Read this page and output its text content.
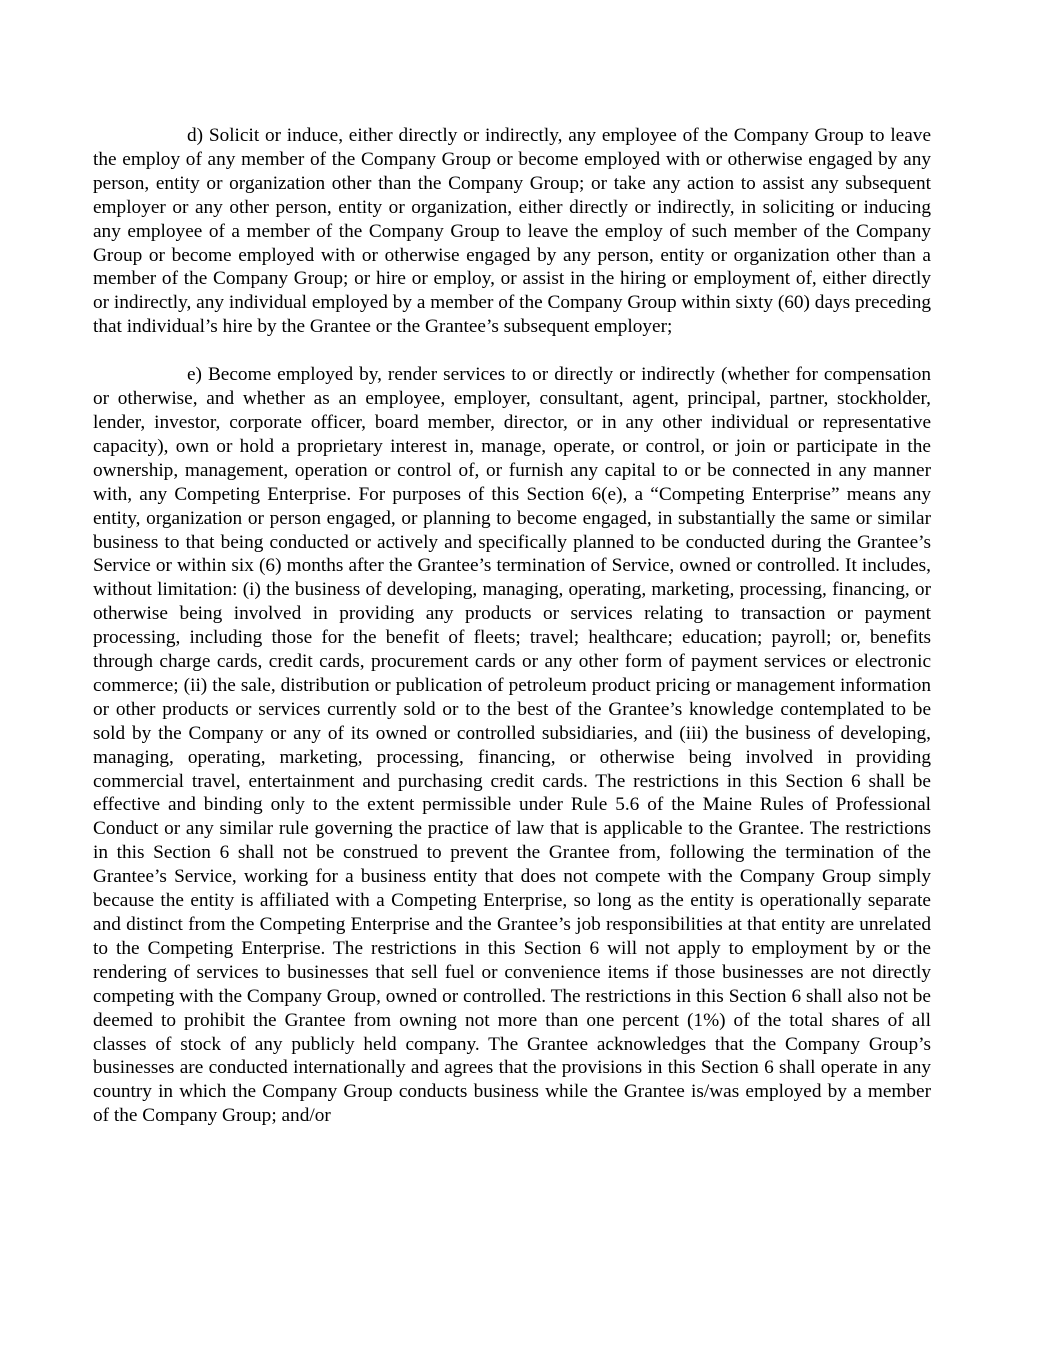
d) Solicit or induce, either directly or indirectly, any employee of the Company Group to leave the employ of any member of the Company Group or become employed with or otherwise engaged by any person, entity or organization other than the Company Group; or take any action to assist any subsequent employer or any other person, entity or organization, either directly or indirectly, in soliciting or inducing any employee of a member of the Company Group to leave the employ of such member of the Company Group or become employed with or otherwise engaged by any person, entity or organization other than a member of the Company Group; or hire or employ, or assist in the hiring or employment of, either directly or indirectly, any individual employed by a member of the Company Group within sixty (60) days preceding that individual’s hire by the Grantee or the Grantee’s subsequent employer;

e) Become employed by, render services to or directly or indirectly (whether for compensation or otherwise, and whether as an employee, employer, consultant, agent, principal, partner, stockholder, lender, investor, corporate officer, board member, director, or in any other individual or representative capacity), own or hold a proprietary interest in, manage, operate, or control, or join or participate in the ownership, management, operation or control of, or furnish any capital to or be connected in any manner with, any Competing Enterprise. For purposes of this Section 6(e), a “Competing Enterprise” means any entity, organization or person engaged, or planning to become engaged, in substantially the same or similar business to that being conducted or actively and specifically planned to be conducted during the Grantee’s Service or within six (6) months after the Grantee’s termination of Service, owned or controlled. It includes, without limitation: (i) the business of developing, managing, operating, marketing, processing, financing, or otherwise being involved in providing any products or services relating to transaction or payment processing, including those for the benefit of fleets; travel; healthcare; education; payroll; or, benefits through charge cards, credit cards, procurement cards or any other form of payment services or electronic commerce; (ii) the sale, distribution or publication of petroleum product pricing or management information or other products or services currently sold or to the best of the Grantee’s knowledge contemplated to be sold by the Company or any of its owned or controlled subsidiaries, and (iii) the business of developing, managing, operating, marketing, processing, financing, or otherwise being involved in providing commercial travel, entertainment and purchasing credit cards. The restrictions in this Section 6 shall be effective and binding only to the extent permissible under Rule 5.6 of the Maine Rules of Professional Conduct or any similar rule governing the practice of law that is applicable to the Grantee. The restrictions in this Section 6 shall not be construed to prevent the Grantee from, following the termination of the Grantee’s Service, working for a business entity that does not compete with the Company Group simply because the entity is affiliated with a Competing Enterprise, so long as the entity is operationally separate and distinct from the Competing Enterprise and the Grantee’s job responsibilities at that entity are unrelated to the Competing Enterprise. The restrictions in this Section 6 will not apply to employment by or the rendering of services to businesses that sell fuel or convenience items if those businesses are not directly competing with the Company Group, owned or controlled. The restrictions in this Section 6 shall also not be deemed to prohibit the Grantee from owning not more than one percent (1%) of the total shares of all classes of stock of any publicly held company. The Grantee acknowledges that the Company Group’s businesses are conducted internationally and agrees that the provisions in this Section 6 shall operate in any country in which the Company Group conducts business while the Grantee is/was employed by a member of the Company Group; and/or
